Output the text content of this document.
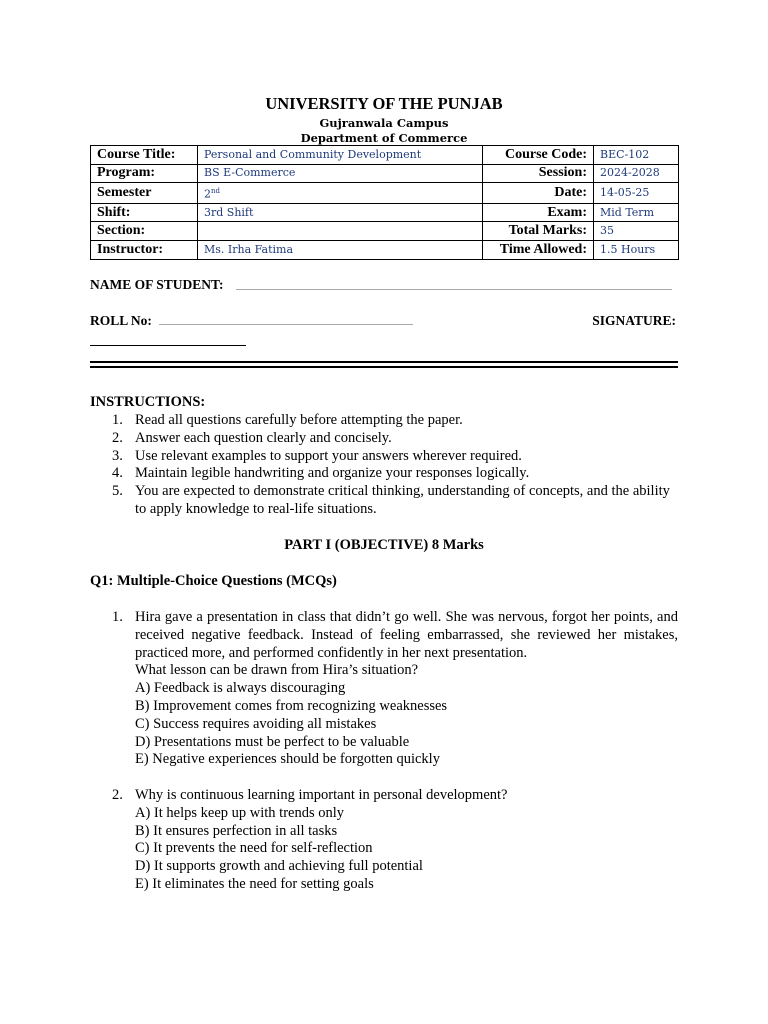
UNIVERSITY OF THE PUNJAB
Gujranwala Campus
Department of Commerce
Course Title:	Personal and Community Development	Course Code:	BEC-102
Program:	BS E-Commerce	Session:	2024-2028
Semester	2nd	Date:	14-05-25
Shift:	3rd Shift	Exam:	Mid Term
Section:		Total Marks:	35
Instructor:	Ms. Irha Fatima	Time Allowed:	1.5 Hours
NAME OF STUDENT:
ROLL No:	SIGNATURE:
INSTRUCTIONS:
1. Read all questions carefully before attempting the paper.
2. Answer each question clearly and concisely.
3. Use relevant examples to support your answers wherever required.
4. Maintain legible handwriting and organize your responses logically.
5. You are expected to demonstrate critical thinking, understanding of concepts, and the ability to apply knowledge to real-life situations.
PART I (OBJECTIVE) 8 Marks
Q1: Multiple-Choice Questions (MCQs)
1. Hira gave a presentation in class that didn’t go well. She was nervous, forgot her points, and received negative feedback. Instead of feeling embarrassed, she reviewed her mistakes, practiced more, and performed confidently in her next presentation.
What lesson can be drawn from Hira’s situation?
A) Feedback is always discouraging
B) Improvement comes from recognizing weaknesses
C) Success requires avoiding all mistakes
D) Presentations must be perfect to be valuable
E) Negative experiences should be forgotten quickly
2. Why is continuous learning important in personal development?
A) It helps keep up with trends only
B) It ensures perfection in all tasks
C) It prevents the need for self-reflection
D) It supports growth and achieving full potential
E) It eliminates the need for setting goals
